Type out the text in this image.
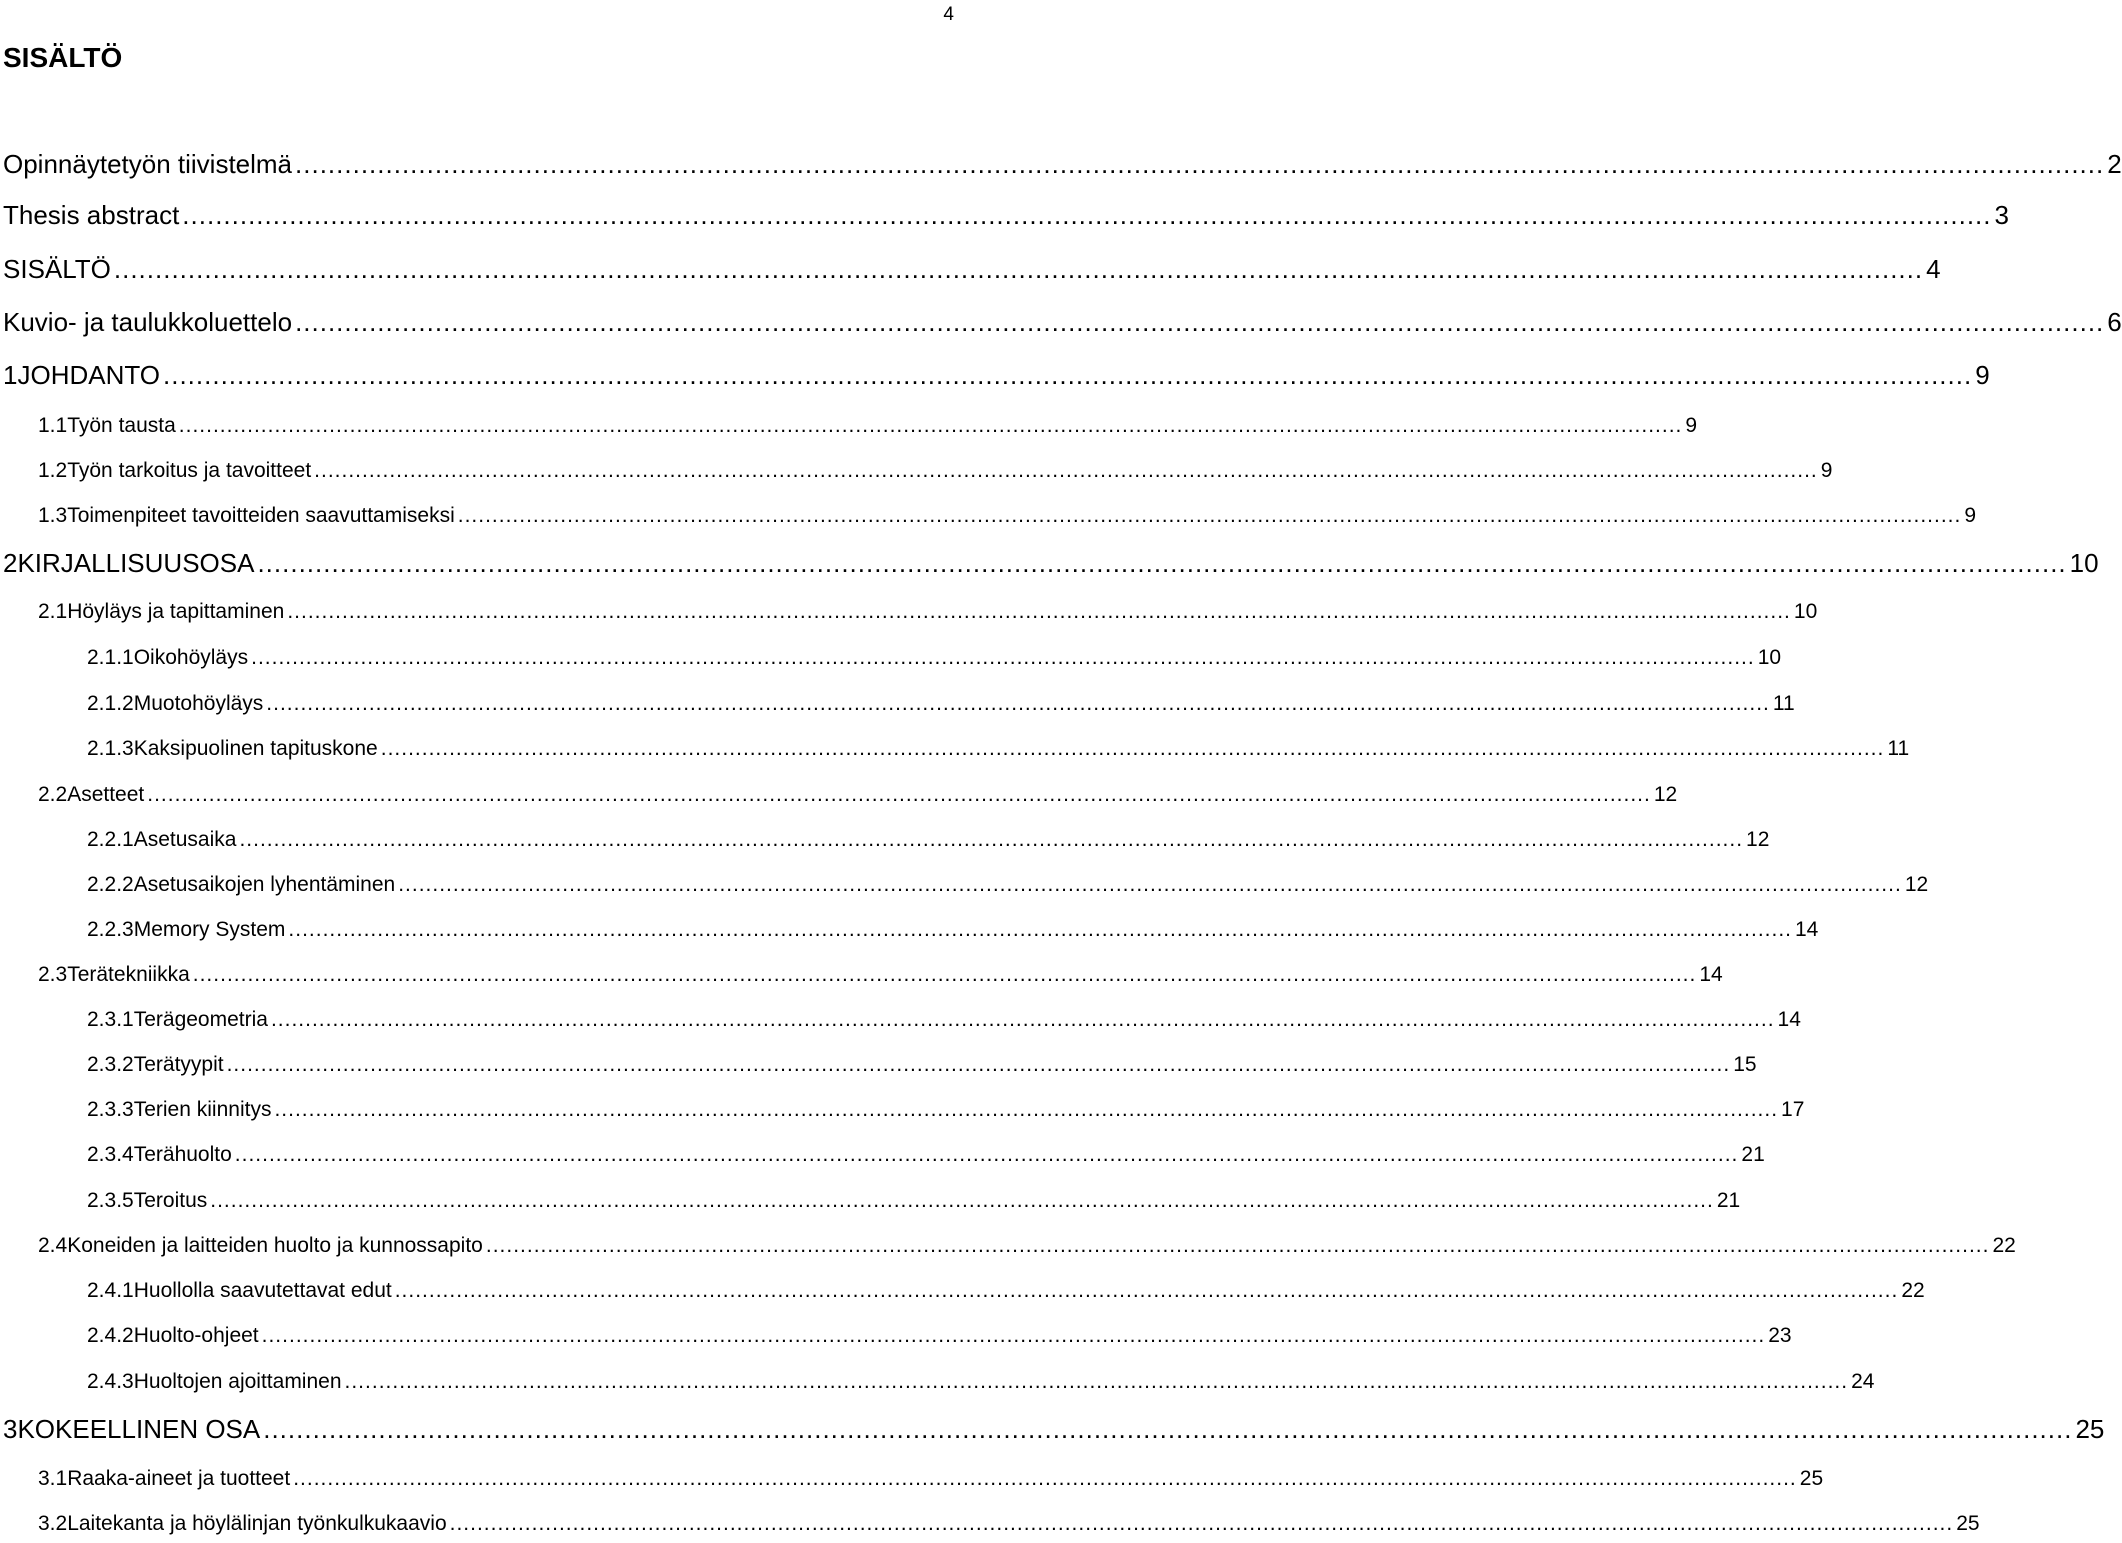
4
SISÄLTÖ
Opinnäytetyön tiivistelmä ............................................................................................................................................................................................................................ 2
Thesis abstract ............................................................................................................................................................................................................................ 3
SISÄLTÖ ............................................................................................................................................................................................................................ 4
Kuvio- ja taulukkoluettelo ............................................................................................................................................................................................................................ 6
1 JOHDANTO ............................................................................................................................................................................................................................ 9
1.1 Työn tausta ............................................................................................................................................................................................................................ 9
1.2 Työn tarkoitus ja tavoitteet ............................................................................................................................................................................................................................ 9
1.3 Toimenpiteet tavoitteiden saavuttamiseksi ............................................................................................................................................................................................................................ 9
2 KIRJALLISUUSOSA ............................................................................................................................................................................................................................ 10
2.1 Höyläys ja tapittaminen ............................................................................................................................................................................................................................ 10
2.1.1 Oikohöyläys ............................................................................................................................................................................................................................ 10
2.1.2 Muotohöyläys ............................................................................................................................................................................................................................ 11
2.1.3 Kaksipuolinen tapituskone ............................................................................................................................................................................................................................ 11
2.2 Asetteet ............................................................................................................................................................................................................................ 12
2.2.1 Asetusaika ............................................................................................................................................................................................................................ 12
2.2.2 Asetusaikojen lyhentäminen ............................................................................................................................................................................................................................ 12
2.2.3 Memory System ............................................................................................................................................................................................................................ 14
2.3 Terätekniikka ............................................................................................................................................................................................................................ 14
2.3.1 Terägeometria ............................................................................................................................................................................................................................ 14
2.3.2 Terätyypit ............................................................................................................................................................................................................................ 15
2.3.3 Terien kiinnitys ............................................................................................................................................................................................................................ 17
2.3.4 Terähuolto ............................................................................................................................................................................................................................ 21
2.3.5 Teroitus ............................................................................................................................................................................................................................ 21
2.4 Koneiden ja laitteiden huolto ja kunnossapito ............................................................................................................................................................................................................................ 22
2.4.1 Huollolla saavutettavat edut ............................................................................................................................................................................................................................ 22
2.4.2 Huolto-ohjeet ............................................................................................................................................................................................................................ 23
2.4.3 Huoltojen ajoittaminen ............................................................................................................................................................................................................................ 24
3 KOKEELLINEN OSA ............................................................................................................................................................................................................................ 25
3.1 Raaka-aineet ja tuotteet ............................................................................................................................................................................................................................ 25
3.2 Laitekanta ja höylälinjan työnkulkukaavio ............................................................................................................................................................................................................................ 25
